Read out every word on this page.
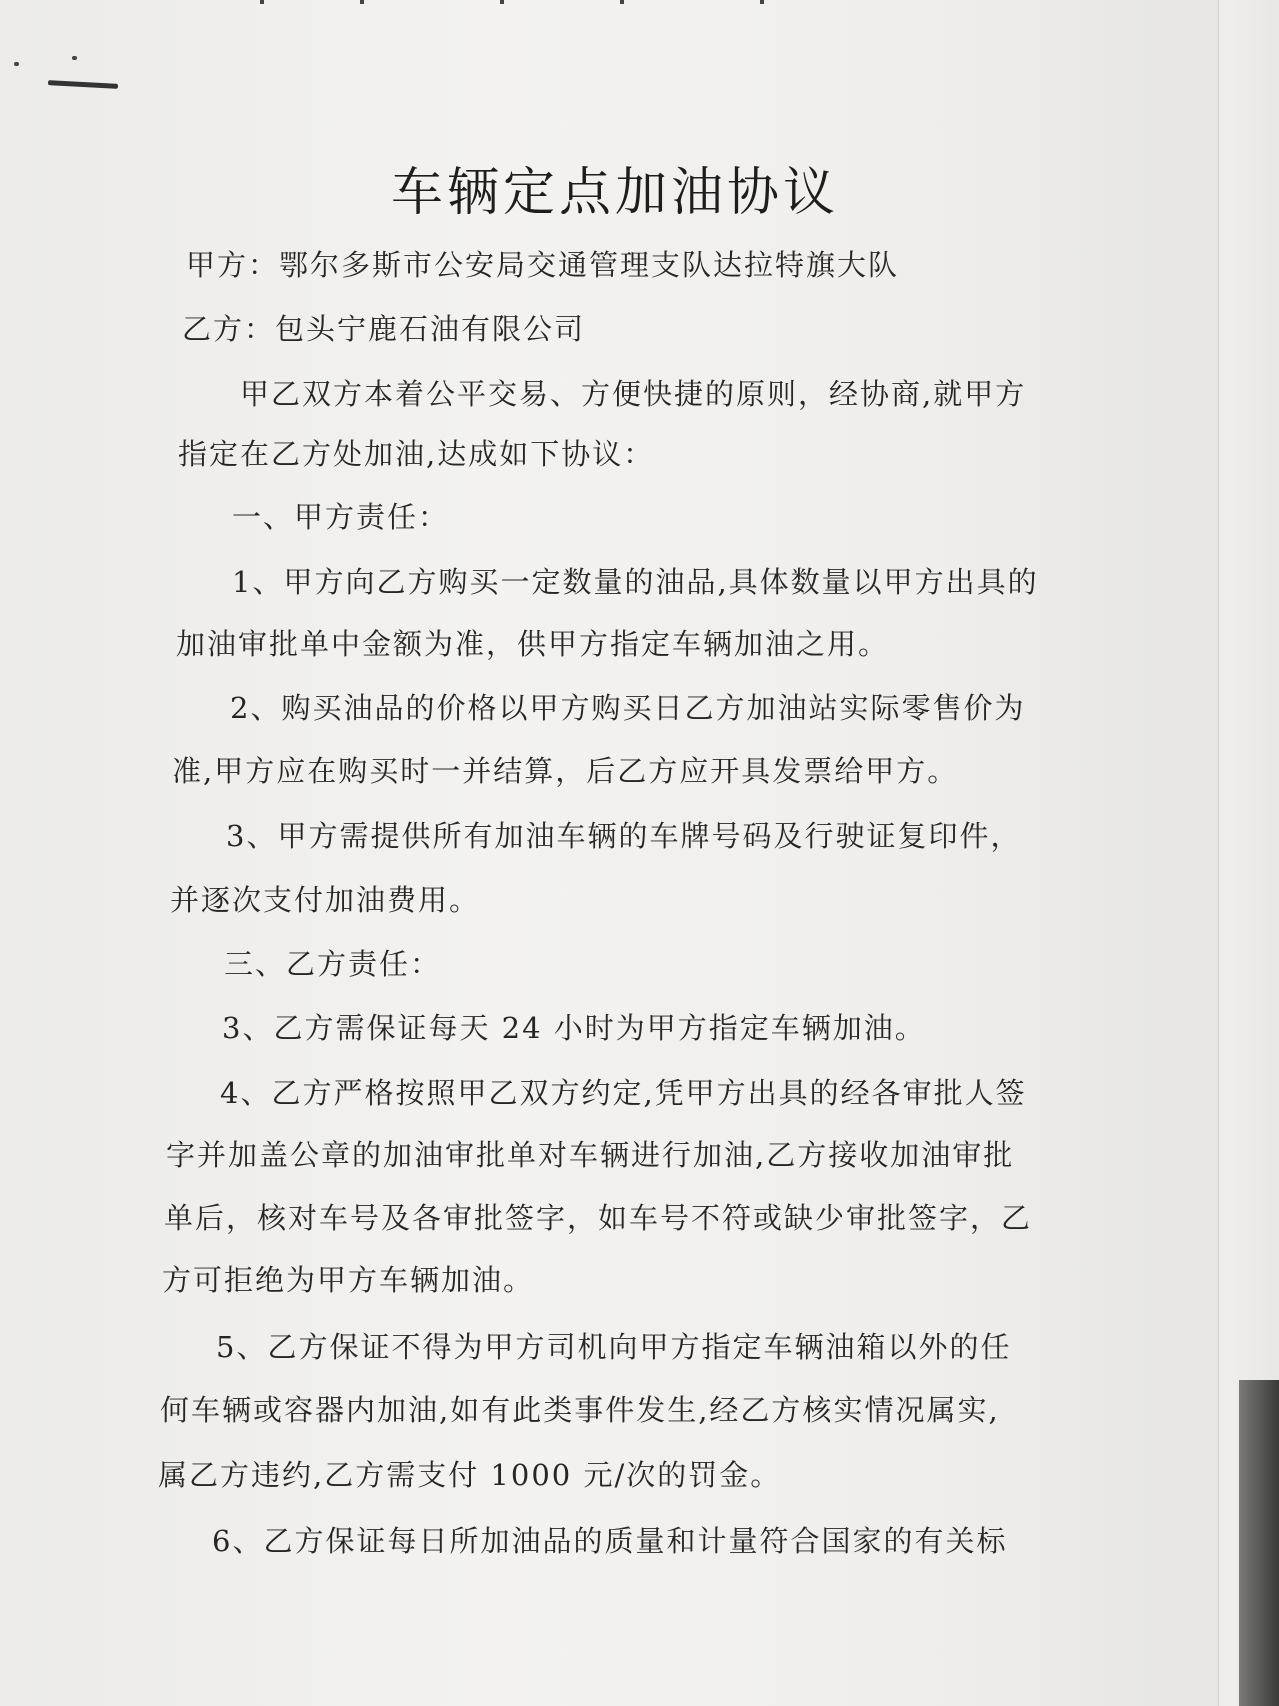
车辆定点加油协议
甲方：鄂尔多斯市公安局交通管理支队达拉特旗大队
乙方：包头宁鹿石油有限公司
甲乙双方本着公平交易、方便快捷的原则，经协商,就甲方
指定在乙方处加油,达成如下协议：
一、甲方责任：
1、甲方向乙方购买一定数量的油品,具体数量以甲方出具的
加油审批单中金额为准，供甲方指定车辆加油之用。
2、购买油品的价格以甲方购买日乙方加油站实际零售价为
准,甲方应在购买时一并结算，后乙方应开具发票给甲方。
3、甲方需提供所有加油车辆的车牌号码及行驶证复印件，
并逐次支付加油费用。
三、乙方责任：
3、乙方需保证每天 24 小时为甲方指定车辆加油。
4、乙方严格按照甲乙双方约定,凭甲方出具的经各审批人签
字并加盖公章的加油审批单对车辆进行加油,乙方接收加油审批
单后，核对车号及各审批签字，如车号不符或缺少审批签字，乙
方可拒绝为甲方车辆加油。
5、乙方保证不得为甲方司机向甲方指定车辆油箱以外的任
何车辆或容器内加油,如有此类事件发生,经乙方核实情况属实,
属乙方违约,乙方需支付 1000 元/次的罚金。
6、乙方保证每日所加油品的质量和计量符合国家的有关标
